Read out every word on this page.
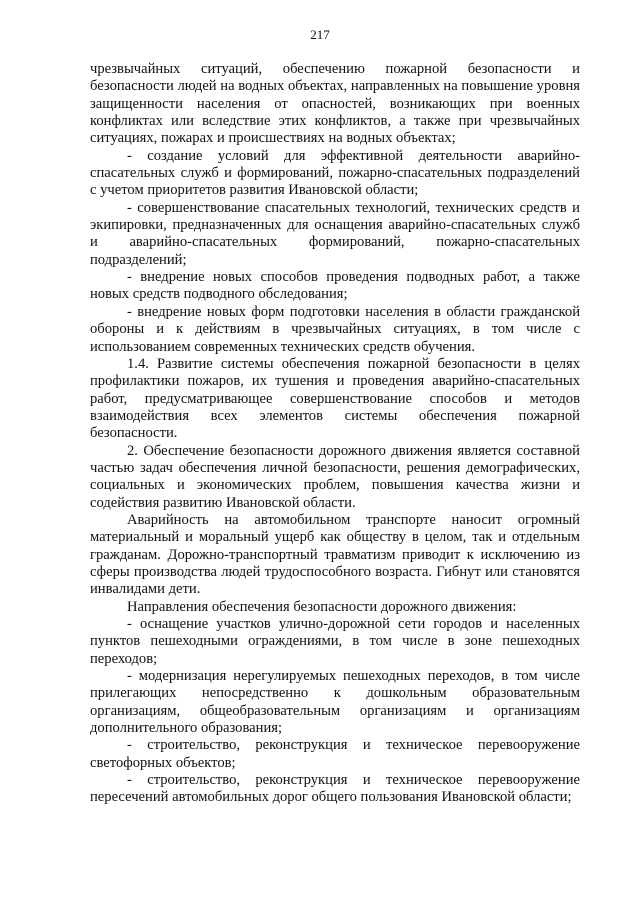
217

чрезвычайных ситуаций, обеспечению пожарной безопасности и безопасности людей на водных объектах, направленных на повышение уровня защищенности населения от опасностей, возникающих при военных конфликтах или вследствие этих конфликтов, а также при чрезвычайных ситуациях, пожарах и происшествиях на водных объектах;

- создание условий для эффективной деятельности аварийно-спасательных служб и формирований, пожарно-спасательных подразделений с учетом приоритетов развития Ивановской области;

- совершенствование спасательных технологий, технических средств и экипировки, предназначенных для оснащения аварийно-спасательных служб и аварийно-спасательных формирований, пожарно-спасательных подразделений;

- внедрение новых способов проведения подводных работ, а также новых средств подводного обследования;

- внедрение новых форм подготовки населения в области гражданской обороны и к действиям в чрезвычайных ситуациях, в том числе с использованием современных технических средств обучения.

1.4. Развитие системы обеспечения пожарной безопасности в целях профилактики пожаров, их тушения и проведения аварийно-спасательных работ, предусматривающее совершенствование способов и методов взаимодействия всех элементов системы обеспечения пожарной безопасности.

2. Обеспечение безопасности дорожного движения является составной частью задач обеспечения личной безопасности, решения демографических, социальных и экономических проблем, повышения качества жизни и содействия развитию Ивановской области.

Аварийность на автомобильном транспорте наносит огромный материальный и моральный ущерб как обществу в целом, так и отдельным гражданам. Дорожно-транспортный травматизм приводит к исключению из сферы производства людей трудоспособного возраста. Гибнут или становятся инвалидами дети.

Направления обеспечения безопасности дорожного движения:

- оснащение участков улично-дорожной сети городов и населенных пунктов пешеходными ограждениями, в том числе в зоне пешеходных переходов;

- модернизация нерегулируемых пешеходных переходов, в том числе прилегающих непосредственно к дошкольным образовательным организациям, общеобразовательным организациям и организациям дополнительного образования;

- строительство, реконструкция и техническое перевооружение светофорных объектов;

- строительство, реконструкция и техническое перевооружение пересечений автомобильных дорог общего пользования Ивановской области;
